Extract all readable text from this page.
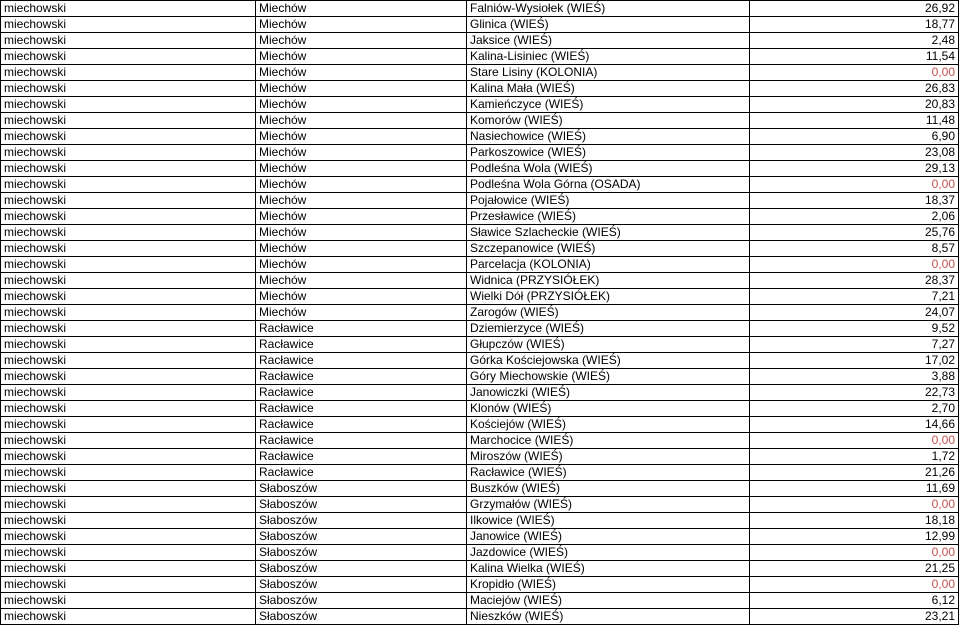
miechowski	Miechów	Falniów-Wysiołek (WIEŚ)	26,92
miechowski	Miechów	Glinica (WIEŚ)	18,77
miechowski	Miechów	Jaksice (WIEŚ)	2,48
miechowski	Miechów	Kalina-Lisiniec (WIEŚ)	11,54
miechowski	Miechów	Stare Lisiny (KOLONIA)	0,00
miechowski	Miechów	Kalina Mała (WIEŚ)	26,83
miechowski	Miechów	Kamieńczyce (WIEŚ)	20,83
miechowski	Miechów	Komorów (WIEŚ)	11,48
miechowski	Miechów	Nasiechowice (WIEŚ)	6,90
miechowski	Miechów	Parkoszowice (WIEŚ)	23,08
miechowski	Miechów	Podleśna Wola (WIEŚ)	29,13
miechowski	Miechów	Podleśna Wola Górna (OSADA)	0,00
miechowski	Miechów	Pojałowice (WIEŚ)	18,37
miechowski	Miechów	Przesławice (WIEŚ)	2,06
miechowski	Miechów	Sławice Szlacheckie (WIEŚ)	25,76
miechowski	Miechów	Szczepanowice (WIEŚ)	8,57
miechowski	Miechów	Parcelacja (KOLONIA)	0,00
miechowski	Miechów	Widnica (PRZYSIÓŁEK)	28,37
miechowski	Miechów	Wielki Dół (PRZYSIÓŁEK)	7,21
miechowski	Miechów	Zarogów (WIEŚ)	24,07
miechowski	Racławice	Dziemierzyce (WIEŚ)	9,52
miechowski	Racławice	Głupczów (WIEŚ)	7,27
miechowski	Racławice	Górka Kościejowska (WIEŚ)	17,02
miechowski	Racławice	Góry Miechowskie (WIEŚ)	3,88
miechowski	Racławice	Janowiczki (WIEŚ)	22,73
miechowski	Racławice	Klonów (WIEŚ)	2,70
miechowski	Racławice	Kościejów (WIEŚ)	14,66
miechowski	Racławice	Marchocice (WIEŚ)	0,00
miechowski	Racławice	Miroszów (WIEŚ)	1,72
miechowski	Racławice	Racławice (WIEŚ)	21,26
miechowski	Słaboszów	Buszków (WIEŚ)	11,69
miechowski	Słaboszów	Grzymałów (WIEŚ)	0,00
miechowski	Słaboszów	Ilkowice (WIEŚ)	18,18
miechowski	Słaboszów	Janowice (WIEŚ)	12,99
miechowski	Słaboszów	Jazdowice (WIEŚ)	0,00
miechowski	Słaboszów	Kalina Wielka (WIEŚ)	21,25
miechowski	Słaboszów	Kropidło (WIEŚ)	0,00
miechowski	Słaboszów	Maciejów (WIEŚ)	6,12
miechowski	Słaboszów	Nieszków (WIEŚ)	23,21
